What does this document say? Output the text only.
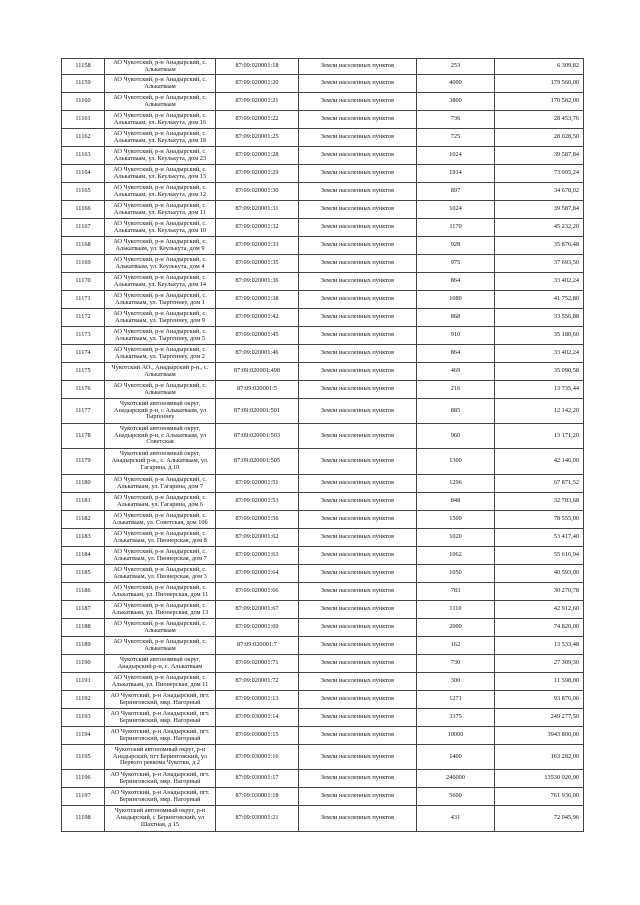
11158	АО Чукотский, р-н Анадырский, с. Алькатваам	87:09:020001:18	Земли населенных пунктов	253	6 309,82
11159	АО Чукотский, р-н Анадырский, с. Алькатваам	87:09:020001:20	Земли населенных пунктов	4000	179 560,00
11160	АО Чукотский, р-н Анадырский, с. Алькатваам	87:09:020001:21	Земли населенных пунктов	3800	170 582,00
11161	АО Чукотский, р-н Анадырский, с. Алькатваам, ул. Кеулькута, дом 16	87:09:020001:22	Земли населенных пунктов	736	28 453,76
11162	АО Чукотский, р-н Анадырский, с. Алькатваам, ул. Кеулькута, дом 18	87:09:020001:25	Земли населенных пунктов	725	28 028,50
11163	АО Чукотский, р-н Анадырский, с. Алькатваам, ул. Кеулькута, дом 23	87:09:020001:28	Земли населенных пунктов	1024	39 587,84
11164	АО Чукотский, р-н Анадырский, с. Алькатваам, ул. Кеулькута, дом 13	87:09:020001:29	Земли населенных пунктов	1914	73 995,24
11165	АО Чукотский, р-н Анадырский, с. Алькатваам, ул. Кеулькута, дом 12	87:09:020001:30	Земли населенных пунктов	897	34 678,02
11166	АО Чукотский, р-н Анадырский, с. Алькатваам, ул. Кеулькута, дом 11	87:09:020001:31	Земли населенных пунктов	1024	39 587,84
11167	АО Чукотский, р-н Анадырский, с. Алькатваам, ул. Кеулькута, дом 10	87:09:020001:32	Земли населенных пунктов	1170	45 232,20
11168	АО Чукотский, р-н Анадырский, с. Алькатваам, ул. Кеулькута, дом 9	87:09:020001:33	Земли населенных пунктов	928	35 876,48
11169	АО Чукотский, р-н Анадырский, с. Алькатваам, ул. Кеулькута, дом 4	87:09:020001:35	Земли населенных пунктов	975	37 693,50
11170	АО Чукотский, р-н Анадырский, с. Алькатваам, ул. Кеулькута, дом 14	87:09:020001:36	Земли населенных пунктов	864	33 402,24
11171	АО Чукотский, р-н Анадырский, с. Алькатваам, ул. Тыргеннеу, дом 1	87:09:020001:38	Земли населенных пунктов	1080	41 752,80
11172	АО Чукотский, р-н Анадырский, с. Алькатваам, ул. Тыргеннеу, дом 9	87:09:020001:42	Земли населенных пунктов	868	33 556,88
11173	АО Чукотский, р-н Анадырский, с. Алькатваам, ул. Тыргеннеу, дом 5	87:09:020001:45	Земли населенных пунктов	910	35 180,60
11174	АО Чукотский, р-н Анадырский, с. Алькатваам, ул. Тыргеннеу, дом 2	87:09:020001:46	Земли населенных пунктов	864	33 402,24
11175	Чукотский АО., Анадырский р-н., с. Алькатваам	87:09:020001:498	Земли населенных пунктов	469	35 090,58
11176	АО Чукотский, р-н Анадырский, с. Алькатваам	87:09:020001:5	Земли населенных пунктов	216	13 735,44
11177	Чукотский автономный округ, Анадырский р-н, с Алькатваам, ул Тыргеннеу	87:09:020001:501	Земли населенных пунктов	885	12 142,20
11178	Чукотский автономный округ, Анадырский р-н, с Алькатваам, ул Советская	87:09:020001:503	Земли населенных пунктов	960	13 171,20
11179	Чукотский автономный округ, Анадырский р-н., с. Алькатваам, ул. Гагарина, д.10	87:09:020001:505	Земли населенных пунктов	1300	42 146,00
11180	АО Чукотский, р-н Анадырский, с. Алькатваам, ул. Гагарина, дом 7	87:09:020001:51	Земли населенных пунктов	1296	67 871,52
11181	АО Чукотский, р-н Анадырский, с. Алькатваам, ул. Гагарина, дом 6	87:09:020001:53	Земли населенных пунктов	848	32 783,68
11182	АО Чукотский, р-н Анадырский, с. Алькатваам, ул. Советская, дом 10б	87:09:020001:56	Земли населенных пунктов	1500	78 555,00
11183	АО Чукотский, р-н Анадырский, с. Алькатваам, ул. Пионерская, дом 8	87:09:020001:62	Земли населенных пунктов	1020	53 417,40
11184	АО Чукотский, р-н Анадырский, с. Алькатваам, ул. Пионерская, дом 7	87:09:020001:63	Земли населенных пунктов	1062	55 616,94
11185	АО Чукотский, р-н Анадырский, с. Алькатваам, ул. Пионерская, дом 3	87:09:020001:64	Земли населенных пунктов	1050	40 593,00
11186	АО Чукотский, р-н Анадырский, с. Алькатваам, ул. Пионерская, дом 11	87:09:020001:66	Земли населенных пунктов	783	30 270,78
11187	АО Чукотский, р-н Анадырский, с. Алькатваам, ул. Пионерская, дом 13	87:09:020001:67	Земли населенных пунктов	1110	42 912,60
11188	АО Чукотский, р-н Анадырский, с. Алькатваам	87:09:020001:69	Земли населенных пунктов	2000	74 820,00
11189	АО Чукотский, р-н Анадырский, с. Алькатваам	87:09:020001:7	Земли населенных пунктов	162	13 533,48
11190	Чукотский автономный округ, Анадырский р-н, с. Алькатваам	87:09:020001:71	Земли населенных пунктов	730	27 309,30
11191	АО Чукотский, р-н Анадырский, с. Алькатваам, ул. Пионерская, дом 11	87:09:020001:72	Земли населенных пунктов	300	11 598,00
11192	АО Чукотский, р-н Анадырский, пгт. Беринговский, мкр. Нагорный	87:09:030001:13	Земли населенных пунктов	1271	93 876,06
11193	АО Чукотский, р-н Анадырский, пгт. Беринговский, мкр. Нагорный	87:09:030001:14	Земли населенных пунктов	3375	249 277,50
11194	АО Чукотский, р-н Анадырский, пгт. Беринговский, мкр. Нагорный	87:09:030001:15	Земли населенных пунктов	10000	3943 800,00
11195	Чукотский автономный округ, р-н Анадырский, пгт Беринговский, ул Первого ревкома Чукотки, д 2	87:09:030001:16	Земли населенных пунктов	1400	163 282,00
11196	АО Чукотский, р-н Анадырский, пгт. Беринговский, мкр. Нагорный	87:09:030001:17	Земли населенных пунктов	246000	13530 020,00
11197	АО Чукотский, р-н Анадырский, пгт. Беринговский, мкр. Нагорный	87:09:030001:18	Земли населенных пунктов	5600	761 936,00
11198	Чукотский автономный округ, р-н Анадырский, с Беринговский, ул Шахтная, д 15	87:09:030001:21	Земли населенных пунктов	431	72 045,96
